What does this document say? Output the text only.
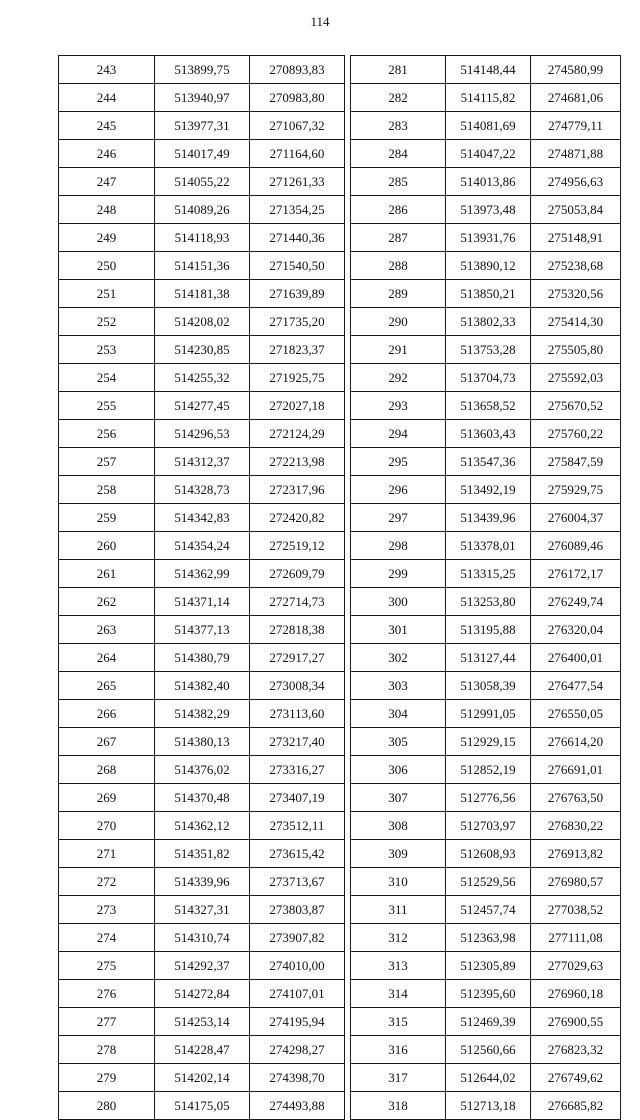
114
243	513899,75	270893,83
244	513940,97	270983,80
245	513977,31	271067,32
246	514017,49	271164,60
247	514055,22	271261,33
248	514089,26	271354,25
249	514118,93	271440,36
250	514151,36	271540,50
251	514181,38	271639,89
252	514208,02	271735,20
253	514230,85	271823,37
254	514255,32	271925,75
255	514277,45	272027,18
256	514296,53	272124,29
257	514312,37	272213,98
258	514328,73	272317,96
259	514342,83	272420,82
260	514354,24	272519,12
261	514362,99	272609,79
262	514371,14	272714,73
263	514377,13	272818,38
264	514380,79	272917,27
265	514382,40	273008,34
266	514382,29	273113,60
267	514380,13	273217,40
268	514376,02	273316,27
269	514370,48	273407,19
270	514362,12	273512,11
271	514351,82	273615,42
272	514339,96	273713,67
273	514327,31	273803,87
274	514310,74	273907,82
275	514292,37	274010,00
276	514272,84	274107,01
277	514253,14	274195,94
278	514228,47	274298,27
279	514202,14	274398,70
280	514175,05	274493,88
281	514148,44	274580,99
282	514115,82	274681,06
283	514081,69	274779,11
284	514047,22	274871,88
285	514013,86	274956,63
286	513973,48	275053,84
287	513931,76	275148,91
288	513890,12	275238,68
289	513850,21	275320,56
290	513802,33	275414,30
291	513753,28	275505,80
292	513704,73	275592,03
293	513658,52	275670,52
294	513603,43	275760,22
295	513547,36	275847,59
296	513492,19	275929,75
297	513439,96	276004,37
298	513378,01	276089,46
299	513315,25	276172,17
300	513253,80	276249,74
301	513195,88	276320,04
302	513127,44	276400,01
303	513058,39	276477,54
304	512991,05	276550,05
305	512929,15	276614,20
306	512852,19	276691,01
307	512776,56	276763,50
308	512703,97	276830,22
309	512608,93	276913,82
310	512529,56	276980,57
311	512457,74	277038,52
312	512363,98	277111,08
313	512305,89	277029,63
314	512395,60	276960,18
315	512469,39	276900,55
316	512560,66	276823,32
317	512644,02	276749,62
318	512713,18	276685,82
